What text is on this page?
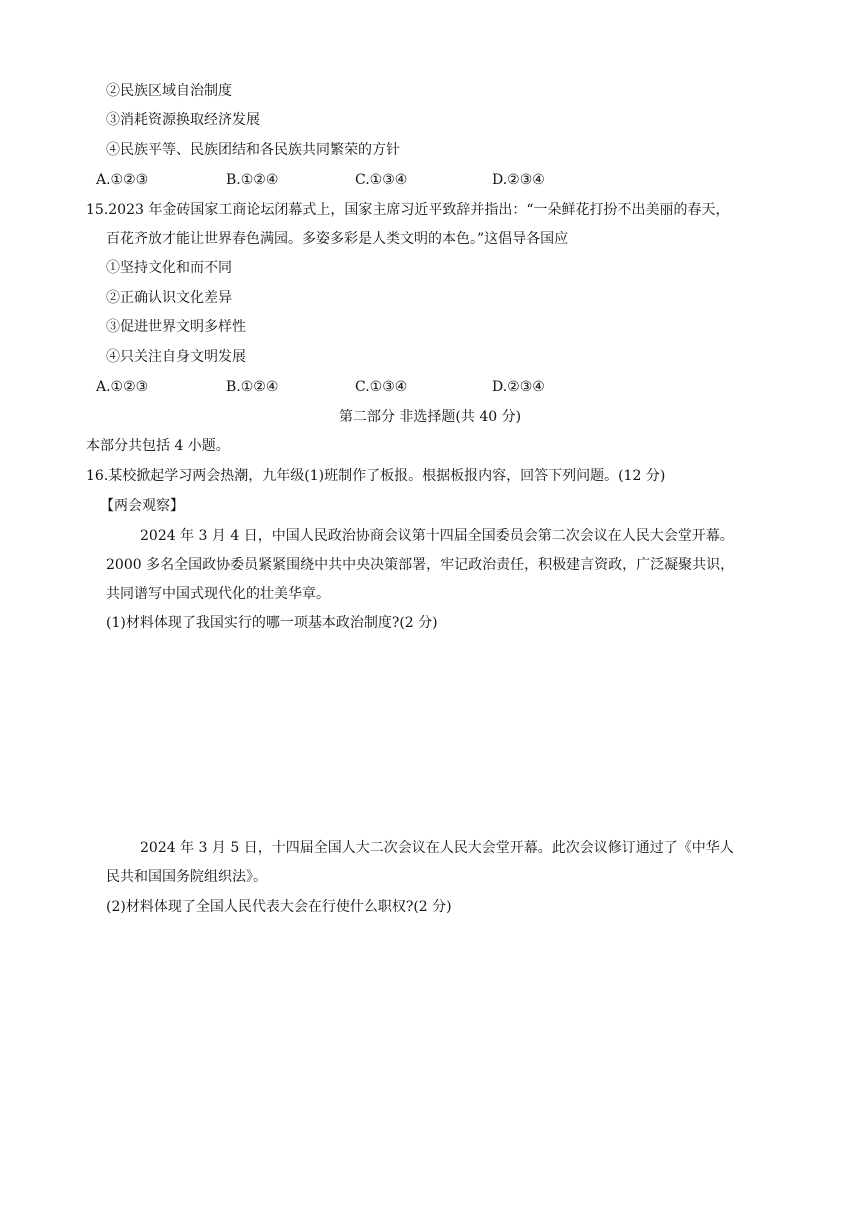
②民族区域自治制度
③消耗资源换取经济发展
④民族平等、民族团结和各民族共同繁荣的方针
A.①②③	B.①②④	C.①③④	D.②③④
15.2023 年金砖国家工商论坛闭幕式上，国家主席习近平致辞并指出：“一朵鲜花打扮不出美丽的春天，
百花齐放才能让世界春色满园。多姿多彩是人类文明的本色。”这倡导各国应
①坚持文化和而不同
②正确认识文化差异
③促进世界文明多样性
④只关注自身文明发展
A.①②③	B.①②④	C.①③④	D.②③④
第二部分 非选择题(共 40 分)
本部分共包括 4 小题。
16.某校掀起学习两会热潮，九年级(1)班制作了板报。根据板报内容，回答下列问题。(12 分)
【两会观察】
2024 年 3 月 4 日，中国人民政治协商会议第十四届全国委员会第二次会议在人民大会堂开幕。
2000 多名全国政协委员紧紧围绕中共中央决策部署，牢记政治责任，积极建言资政，广泛凝聚共识，
共同谱写中国式现代化的壮美华章。
(1)材料体现了我国实行的哪一项基本政治制度?(2 分)
2024 年 3 月 5 日，十四届全国人大二次会议在人民大会堂开幕。此次会议修订通过了《中华人
民共和国国务院组织法》。
(2)材料体现了全国人民代表大会在行使什么职权?(2 分)
